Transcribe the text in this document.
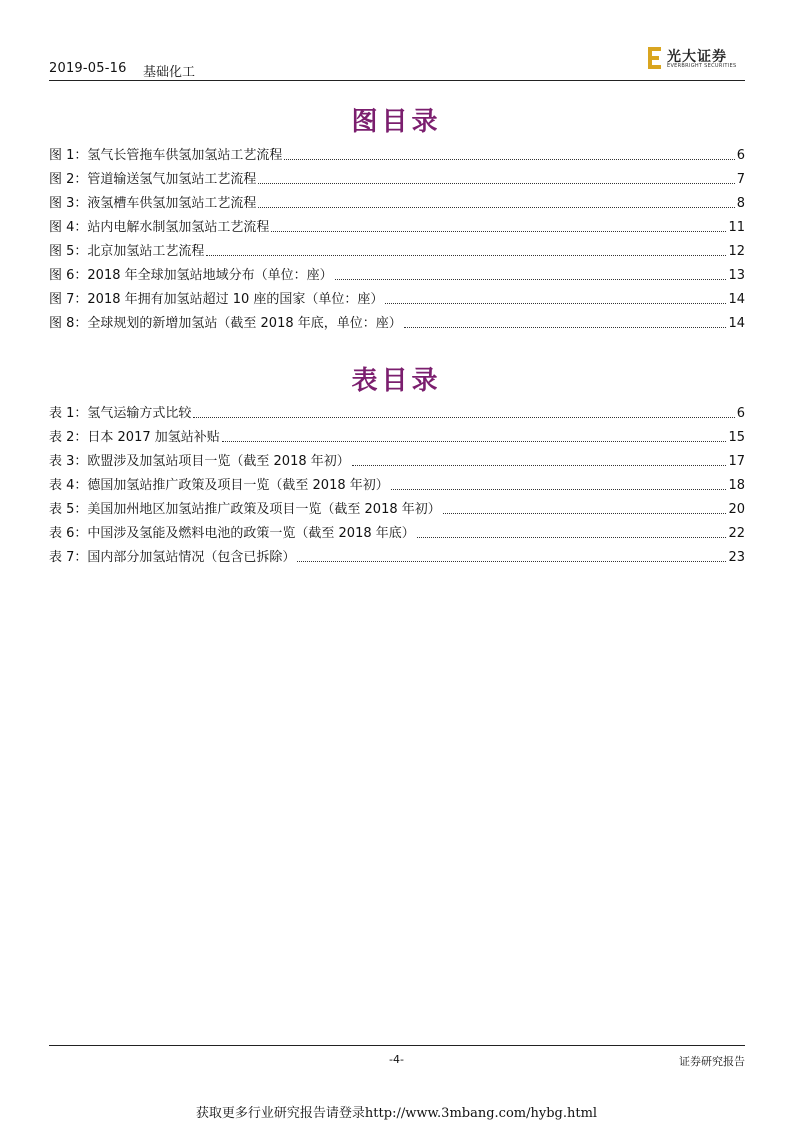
2019-05-16 基础化工
光大证券
EVERBRIGHT SECURITIES
图目录
图 1：氢气长管拖车供氢加氢站工艺流程	6
图 2：管道输送氢气加氢站工艺流程	7
图 3：液氢槽车供氢加氢站工艺流程	8
图 4：站内电解水制氢加氢站工艺流程	11
图 5：北京加氢站工艺流程	12
图 6：2018 年全球加氢站地域分布（单位：座）	13
图 7：2018 年拥有加氢站超过 10 座的国家（单位：座）	14
图 8：全球规划的新增加氢站（截至 2018 年底，单位：座）	14
表目录
表 1：氢气运输方式比较	6
表 2：日本 2017 加氢站补贴	15
表 3：欧盟涉及加氢站项目一览（截至 2018 年初）	17
表 4：德国加氢站推广政策及项目一览（截至 2018 年初）	18
表 5：美国加州地区加氢站推广政策及项目一览（截至 2018 年初）	20
表 6：中国涉及氢能及燃料电池的政策一览（截至 2018 年底）	22
表 7：国内部分加氢站情况（包含已拆除）	23
-4-	证券研究报告
获取更多行业研究报告请登录http://www.3mbang.com/hybg.html
